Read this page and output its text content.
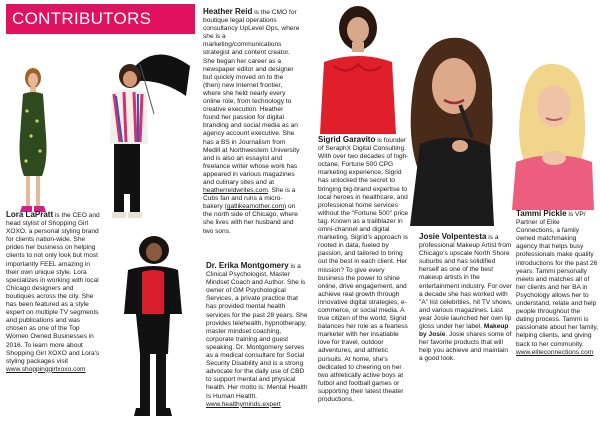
CONTRIBUTORS	Heather Reid is the CMO for boutique legal operations consultancy UpLevel Ops, where she is a marketing/communications strategist and content creator. She began her career as a newspaper editor and designer but quickly moved on to the (then) new Internet frontier, where she held nearly every online role, from technology to creative execution. Heather found her passion for digital branding and social media as an agency account executive. She has a BS in Journalism from Medill at Northwestern University and is also an essayist and freelance writer whose work has appeared in various magazines and culinary sites and at heatherreidwrites.com. She is a Cubs fan and runs a micro-bakery (gatlikeamother.com) on the north side of Chicago, where she lives with her husband and two sons.

Lora LaPratt is the CEO and head stylist of Shopping Girl XOXO, a personal styling brand for clients nation-wide. She prides her business on helping clients to not only look but most importantly FEEL amazing in their own unique style. Lora specializes in working with local Chicago designers and boutiques across the city. She has been featured as a style expert on multiple TV segments and publications and was chosen as one of the Top Women Owned Businesses in 2016. To learn more about Shopping Girl XOXO and Lora's styling packages visit www.shoppinggirlxoxo.com

Dr. Erika Montgomery is a Clinical Psychologist, Master Mindset Coach and Author. She is owner of GM Psychological Services, a private practice that has provided mental health services for the past 28 years. She provides telehealth, hypnotherapy, master mindset coaching, corporate training and guest speaking. Dr. Montgomery serves as a medical consultant for Social Security Disability and is a strong advocate for the daily use of CBD to support mental and physical health. Her motto is: Mental Health Is Human Health. www.healthyminds.expert

Sigrid Garavito is founder of SeraphX Digital Consulting. With over two decades of high-octane, Fortune 500 CPG marketing experience, Sigrid has unlocked the secret to bringing big-brand expertise to local heroes in healthcare, and professional home services without the "Fortune 500" price tag. Known as a trailblazer in omni-channel and digital marketing, Sigrid's approach is rooted in data, fueled by passion, and tailored to bring out the best in each client. Her mission? To give every business the power to shine online, drive engagement, and achieve real growth through innovative digital strategies, e-commerce, or social media. A true citizen of the world, Sigrid balances her role as a fearless marketer with her insatiable love for travel, outdoor adventures, and athletic pursuits. At home, she's dedicated to cheering on her two athletically active boys at futbol and football games or supporting their latest theater productions.

Josie Volpentesta is a professional Makeup Artist from Chicago's upscale North Shore suburbs and has solidified herself as one of the best makeup artists in the entertainment industry. For over a decade she has worked with "A" list celebrities, hit TV shows, and various magazines. Last year Josie launched her own lip gloss under her label, Makeup by Josie. Josie shares some of her favorite products that will help you achieve and maintain a good look.

Tammi Pickle is VP/ Partner of Elite Connections, a family owned matchmaking agency that helps busy professionals make quality introductions for the past 26 years. Tammi personally meets and matches all of her clients and her BA in Psychology allows her to understand, relate and help people throughout the dating process. Tammi is passionate about her family, helping clients, and giving back to her community. www.eliteconnections.com
